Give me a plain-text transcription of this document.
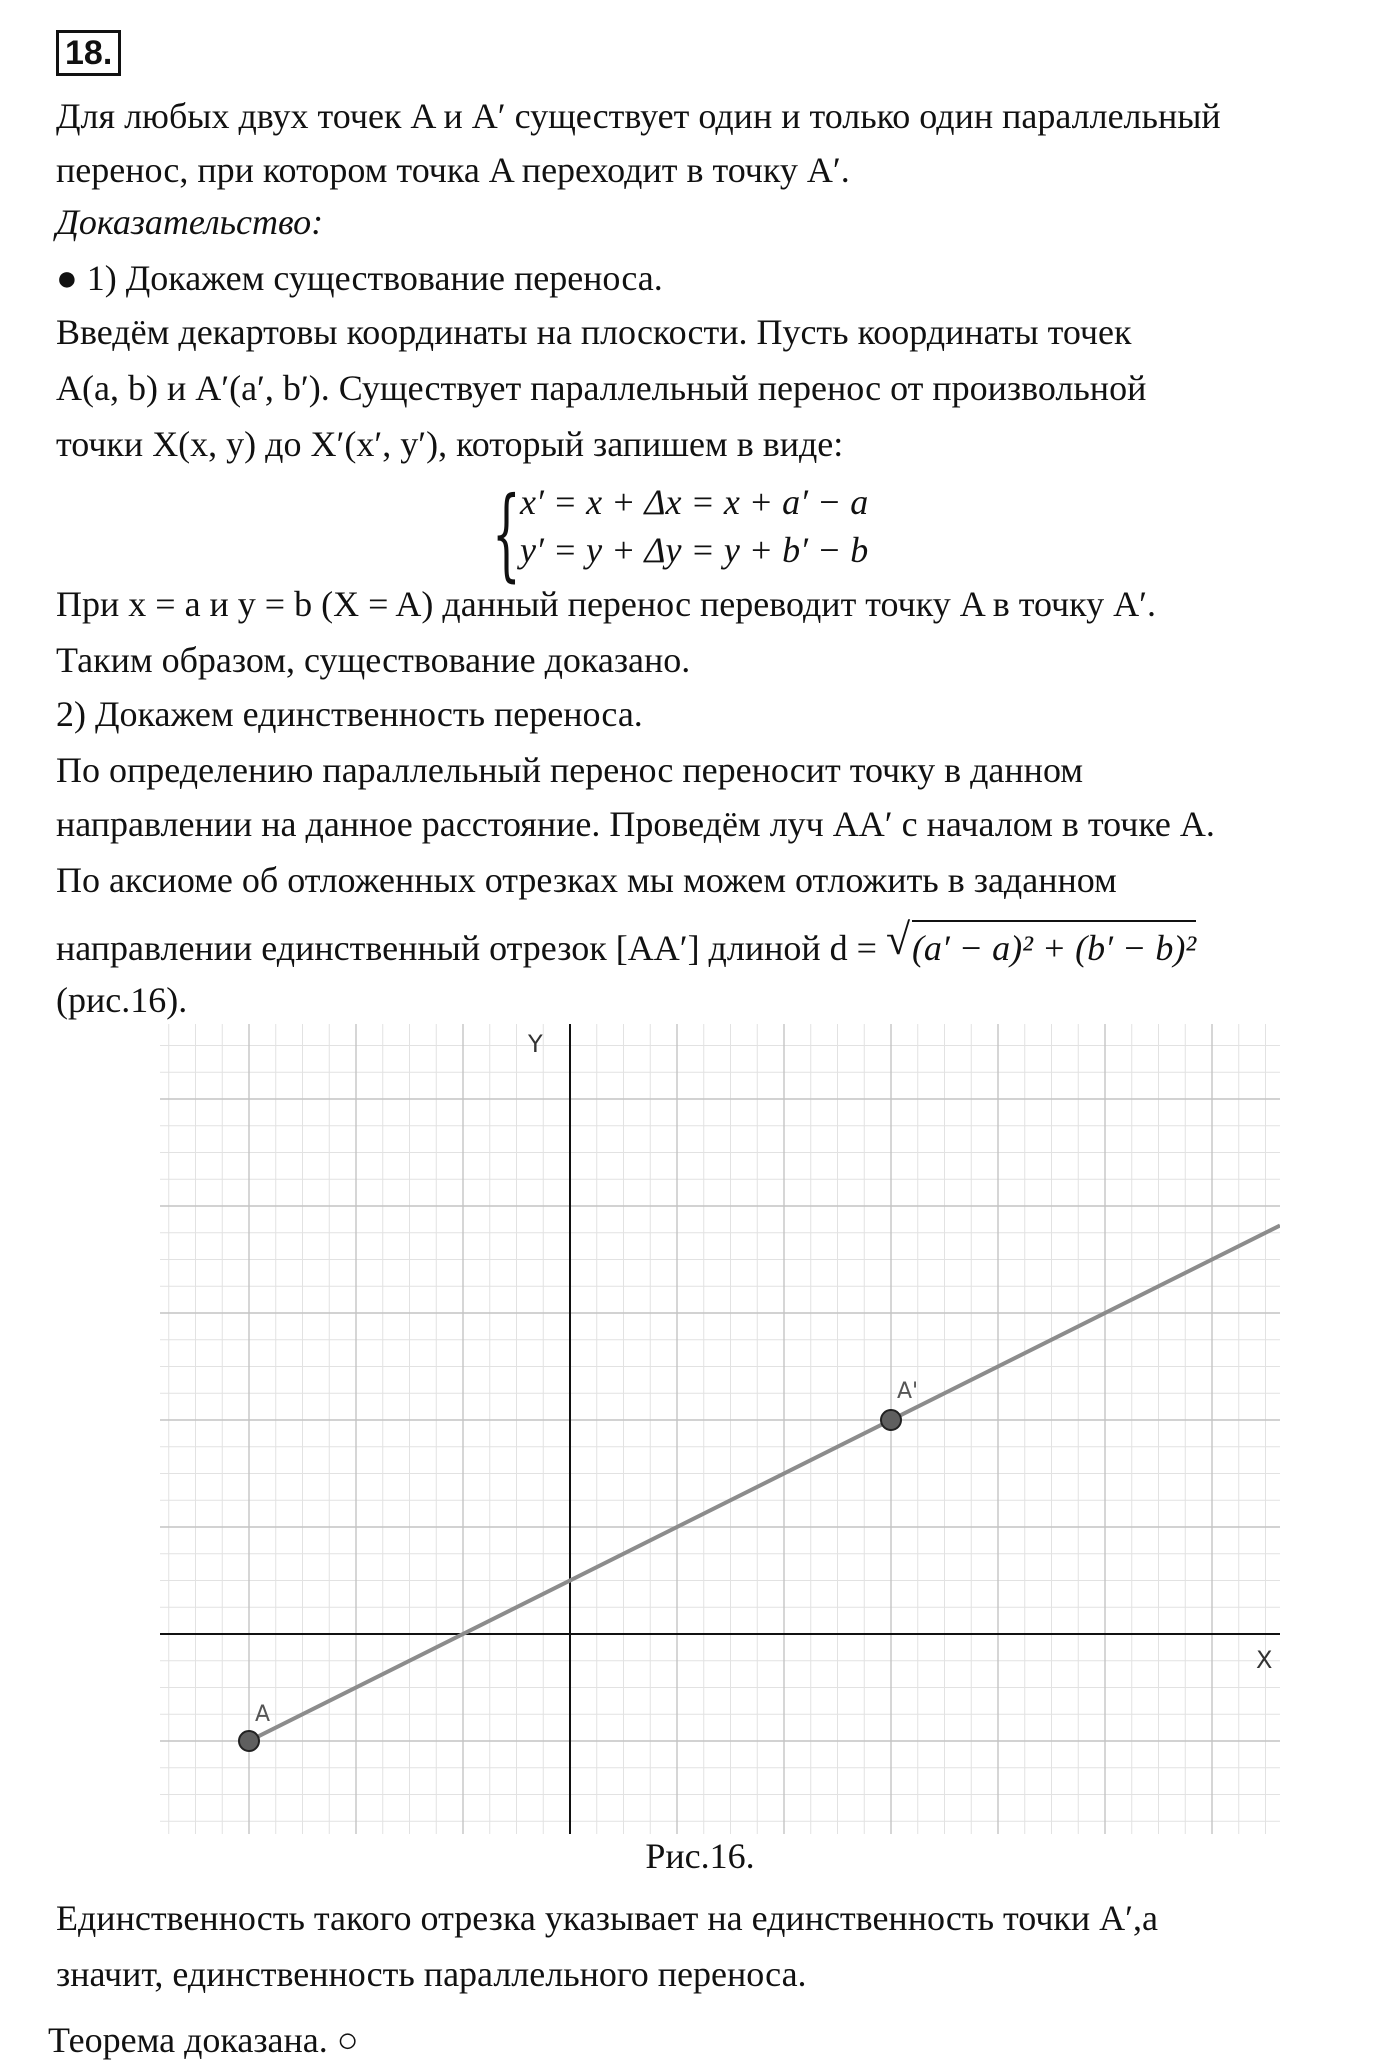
18.
Для любых двух точек A и A′ существует один и только один параллельный
перенос, при котором точка A переходит в точку A′.
Доказательство:
● 1) Докажем существование переноса.
Введём декартовы координаты на плоскости. Пусть координаты точек
A(a, b) и A′(a′, b′). Существует параллельный перенос от произвольной
точки X(x, y) до X′(x′, y′), который запишем в виде:
{ x′ = x + Δx = x + a′ − a
y′ = y + Δy = y + b′ − b
При x = a и y = b (X = A) данный перенос переводит точку A в точку A′.
Таким образом, существование доказано.
2) Докажем единственность переноса.
По определению параллельный перенос переносит точку в данном
направлении на данное расстояние. Проведём луч AA′ с началом в точке A.
По аксиоме об отложенных отрезках мы можем отложить в заданном
направлении единственный отрезок [AA′] длиной d = √ (a′ − a)² + (b′ − b)²
(рис.16).
X
Y
A
A'
Рис.16.
Единственность такого отрезка указывает на единственность точки A′,а
значит, единственность параллельного переноса.
Теорема доказана. ○
